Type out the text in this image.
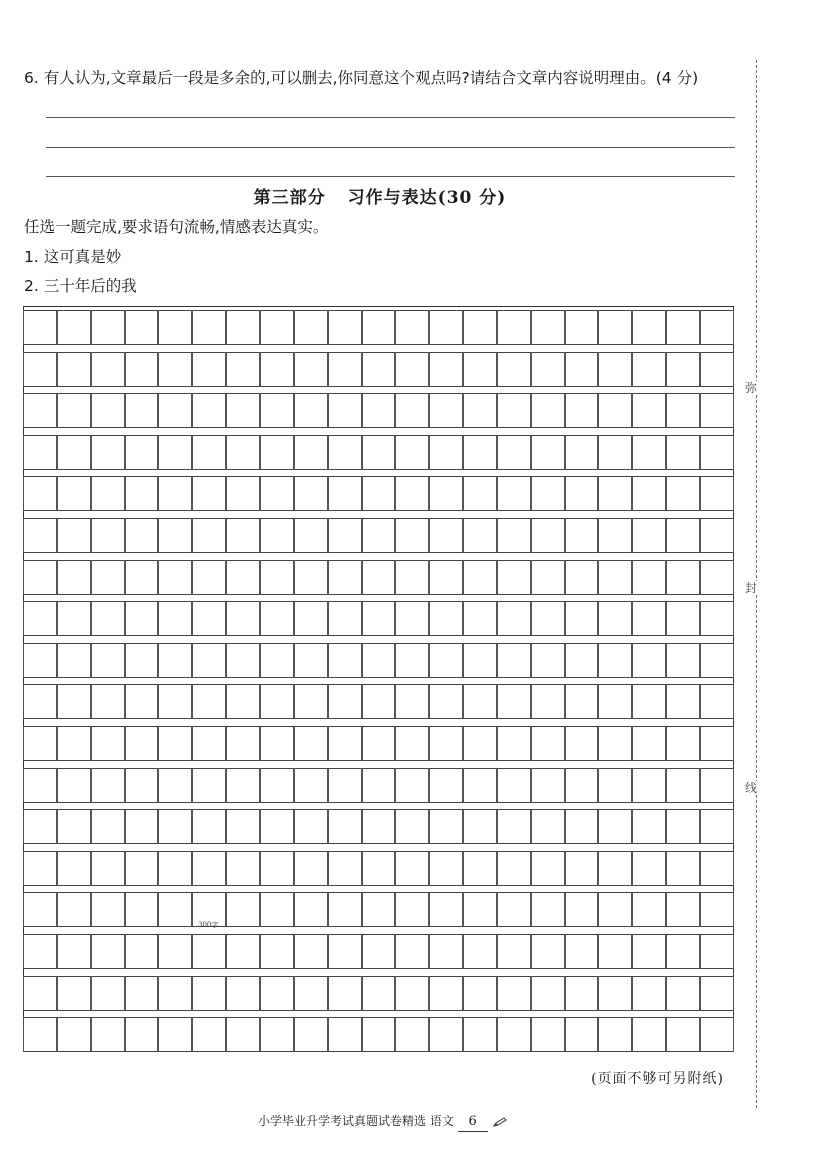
6. 有人认为,文章最后一段是多余的,可以删去,你同意这个观点吗?请结合文章内容说明理由。(4 分)
第三部分 习作与表达(30 分)
任选一题完成,要求语句流畅,情感表达真实。
1. 这可真是妙
2. 三十年后的我
300字
弥
封
线
(页面不够可另附纸)
小学毕业升学考试真题试卷精选 语文 6
